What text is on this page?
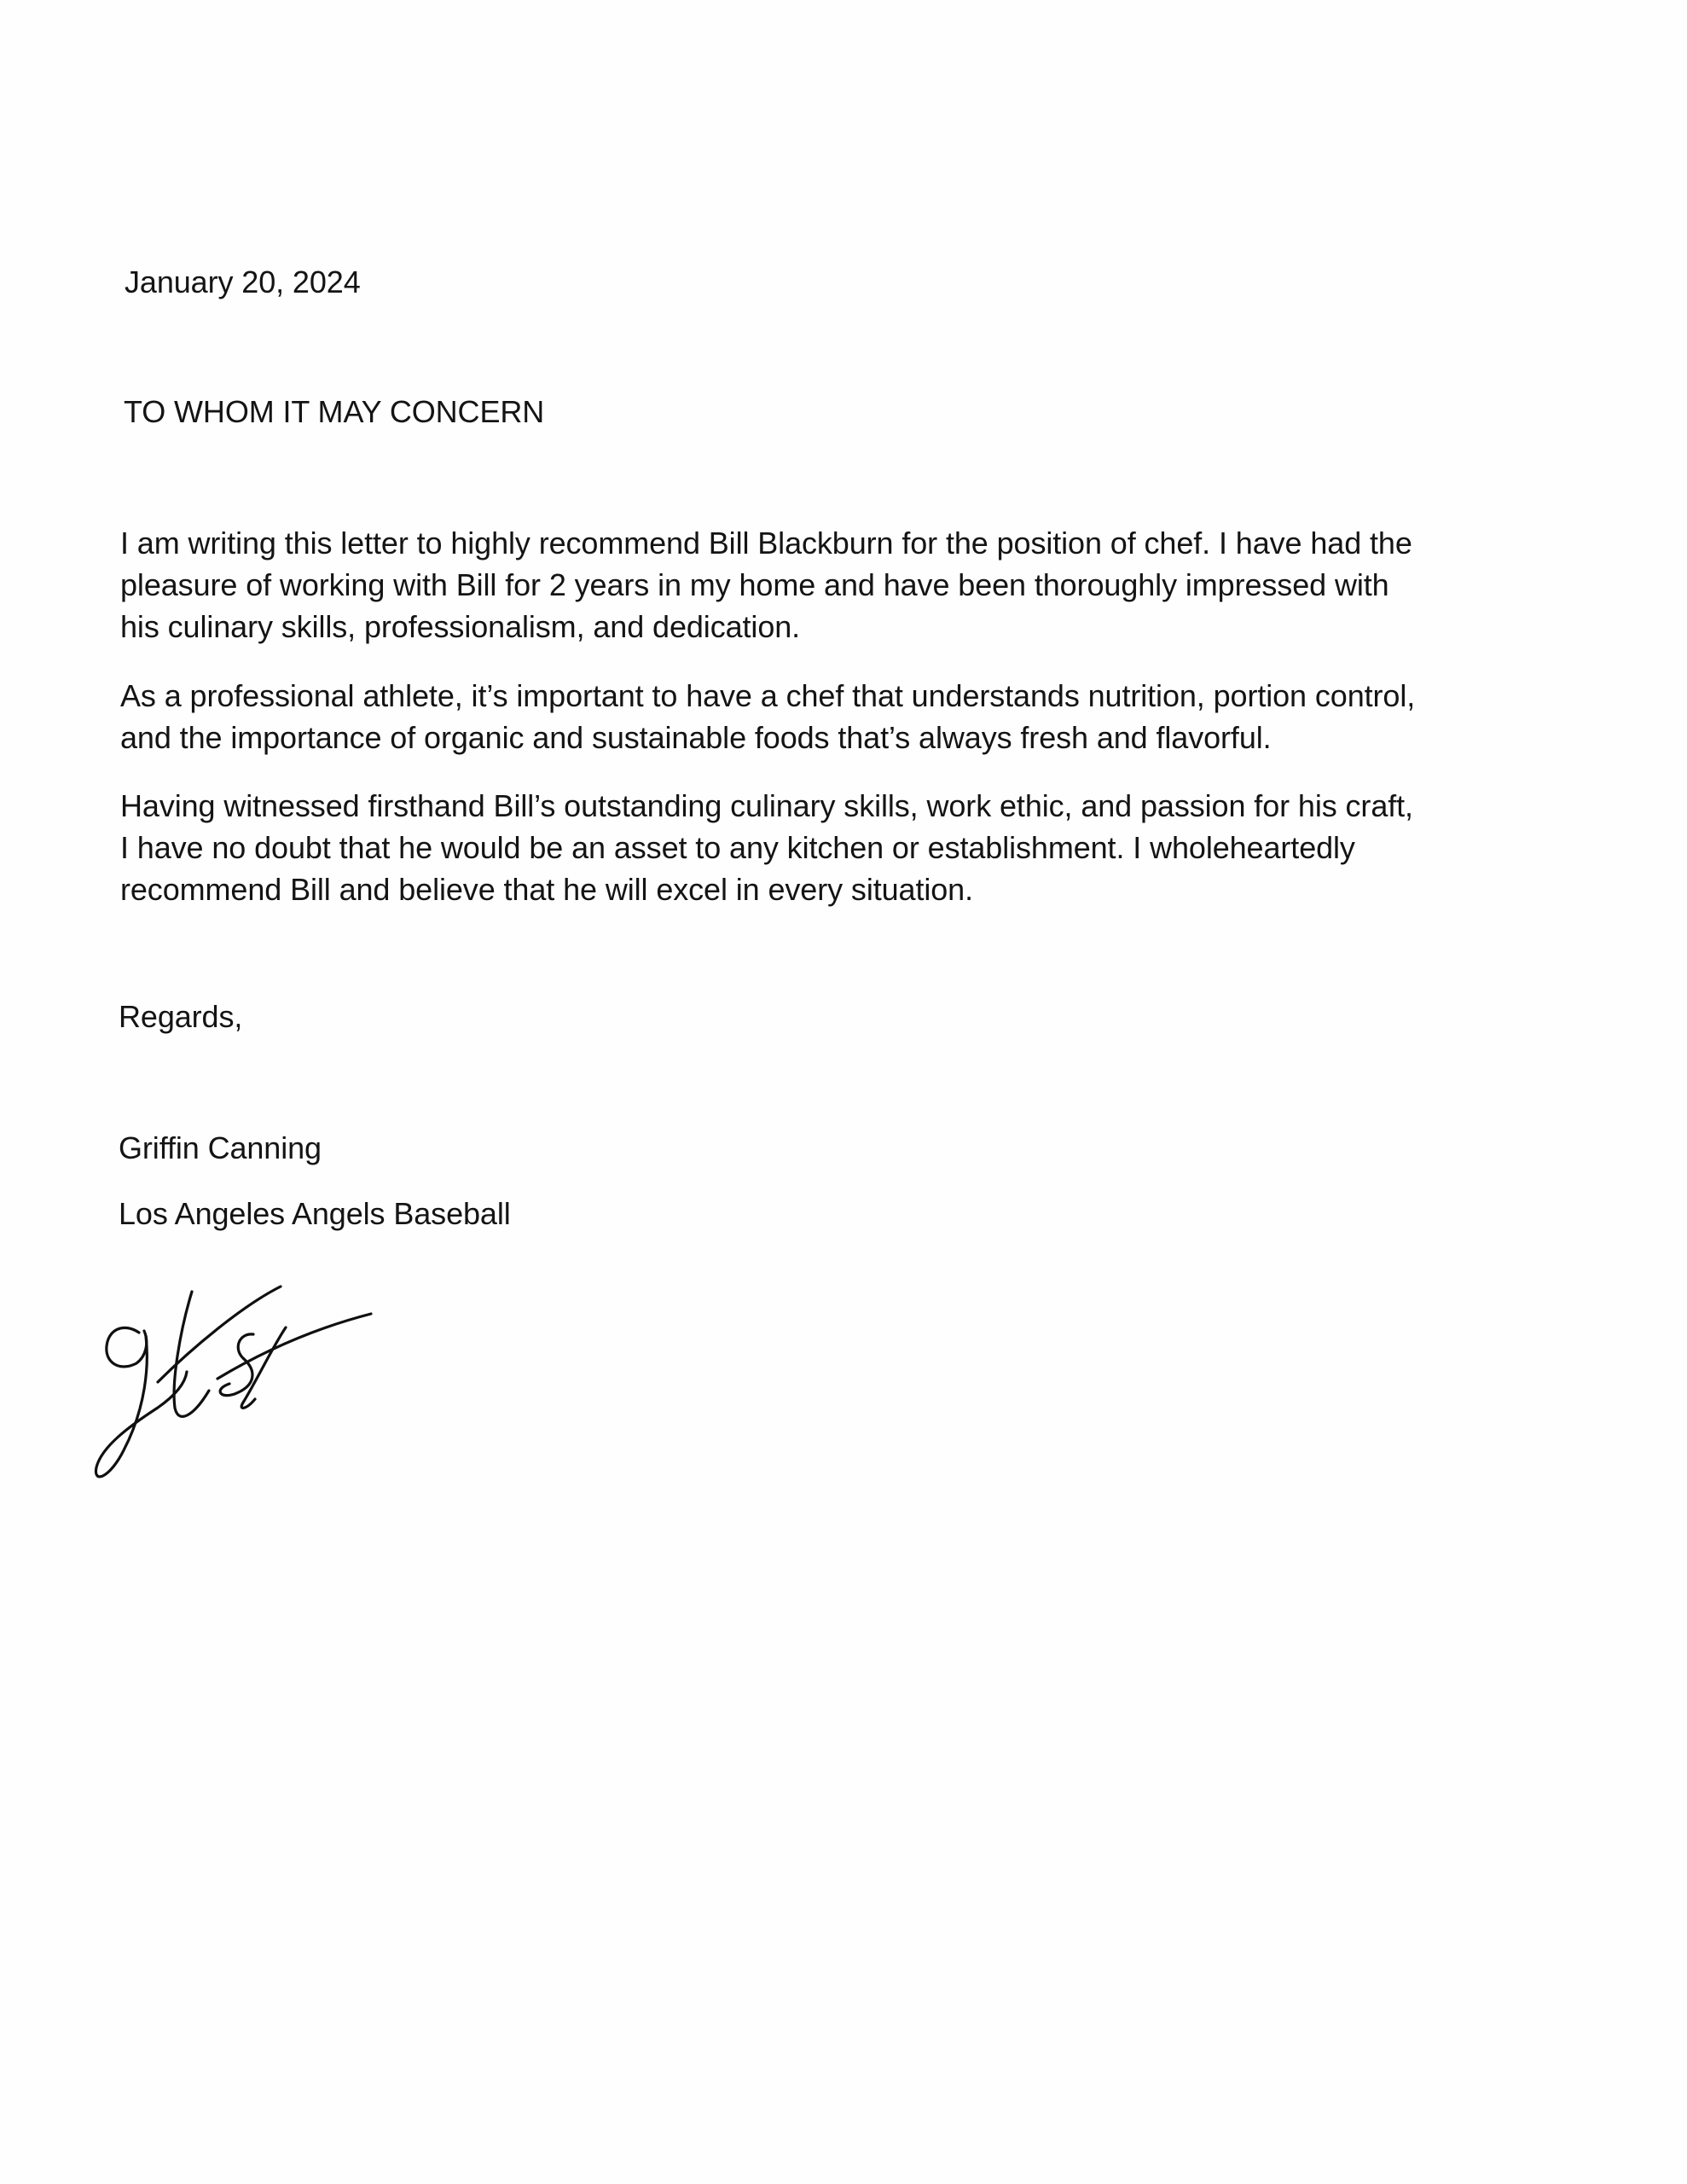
January 20, 2024
TO WHOM IT MAY CONCERN
I am writing this letter to highly recommend Bill Blackburn for the position of chef. I have had the
pleasure of working with Bill for 2 years in my home and have been thoroughly impressed with
his culinary skills, professionalism, and dedication.
As a professional athlete, it’s important to have a chef that understands nutrition, portion control,
and the importance of organic and sustainable foods that’s always fresh and flavorful.
Having witnessed firsthand Bill’s outstanding culinary skills, work ethic, and passion for his craft,
I have no doubt that he would be an asset to any kitchen or establishment. I wholeheartedly
recommend Bill and believe that he will excel in every situation.
Regards,
Griffin Canning
Los Angeles Angels Baseball
